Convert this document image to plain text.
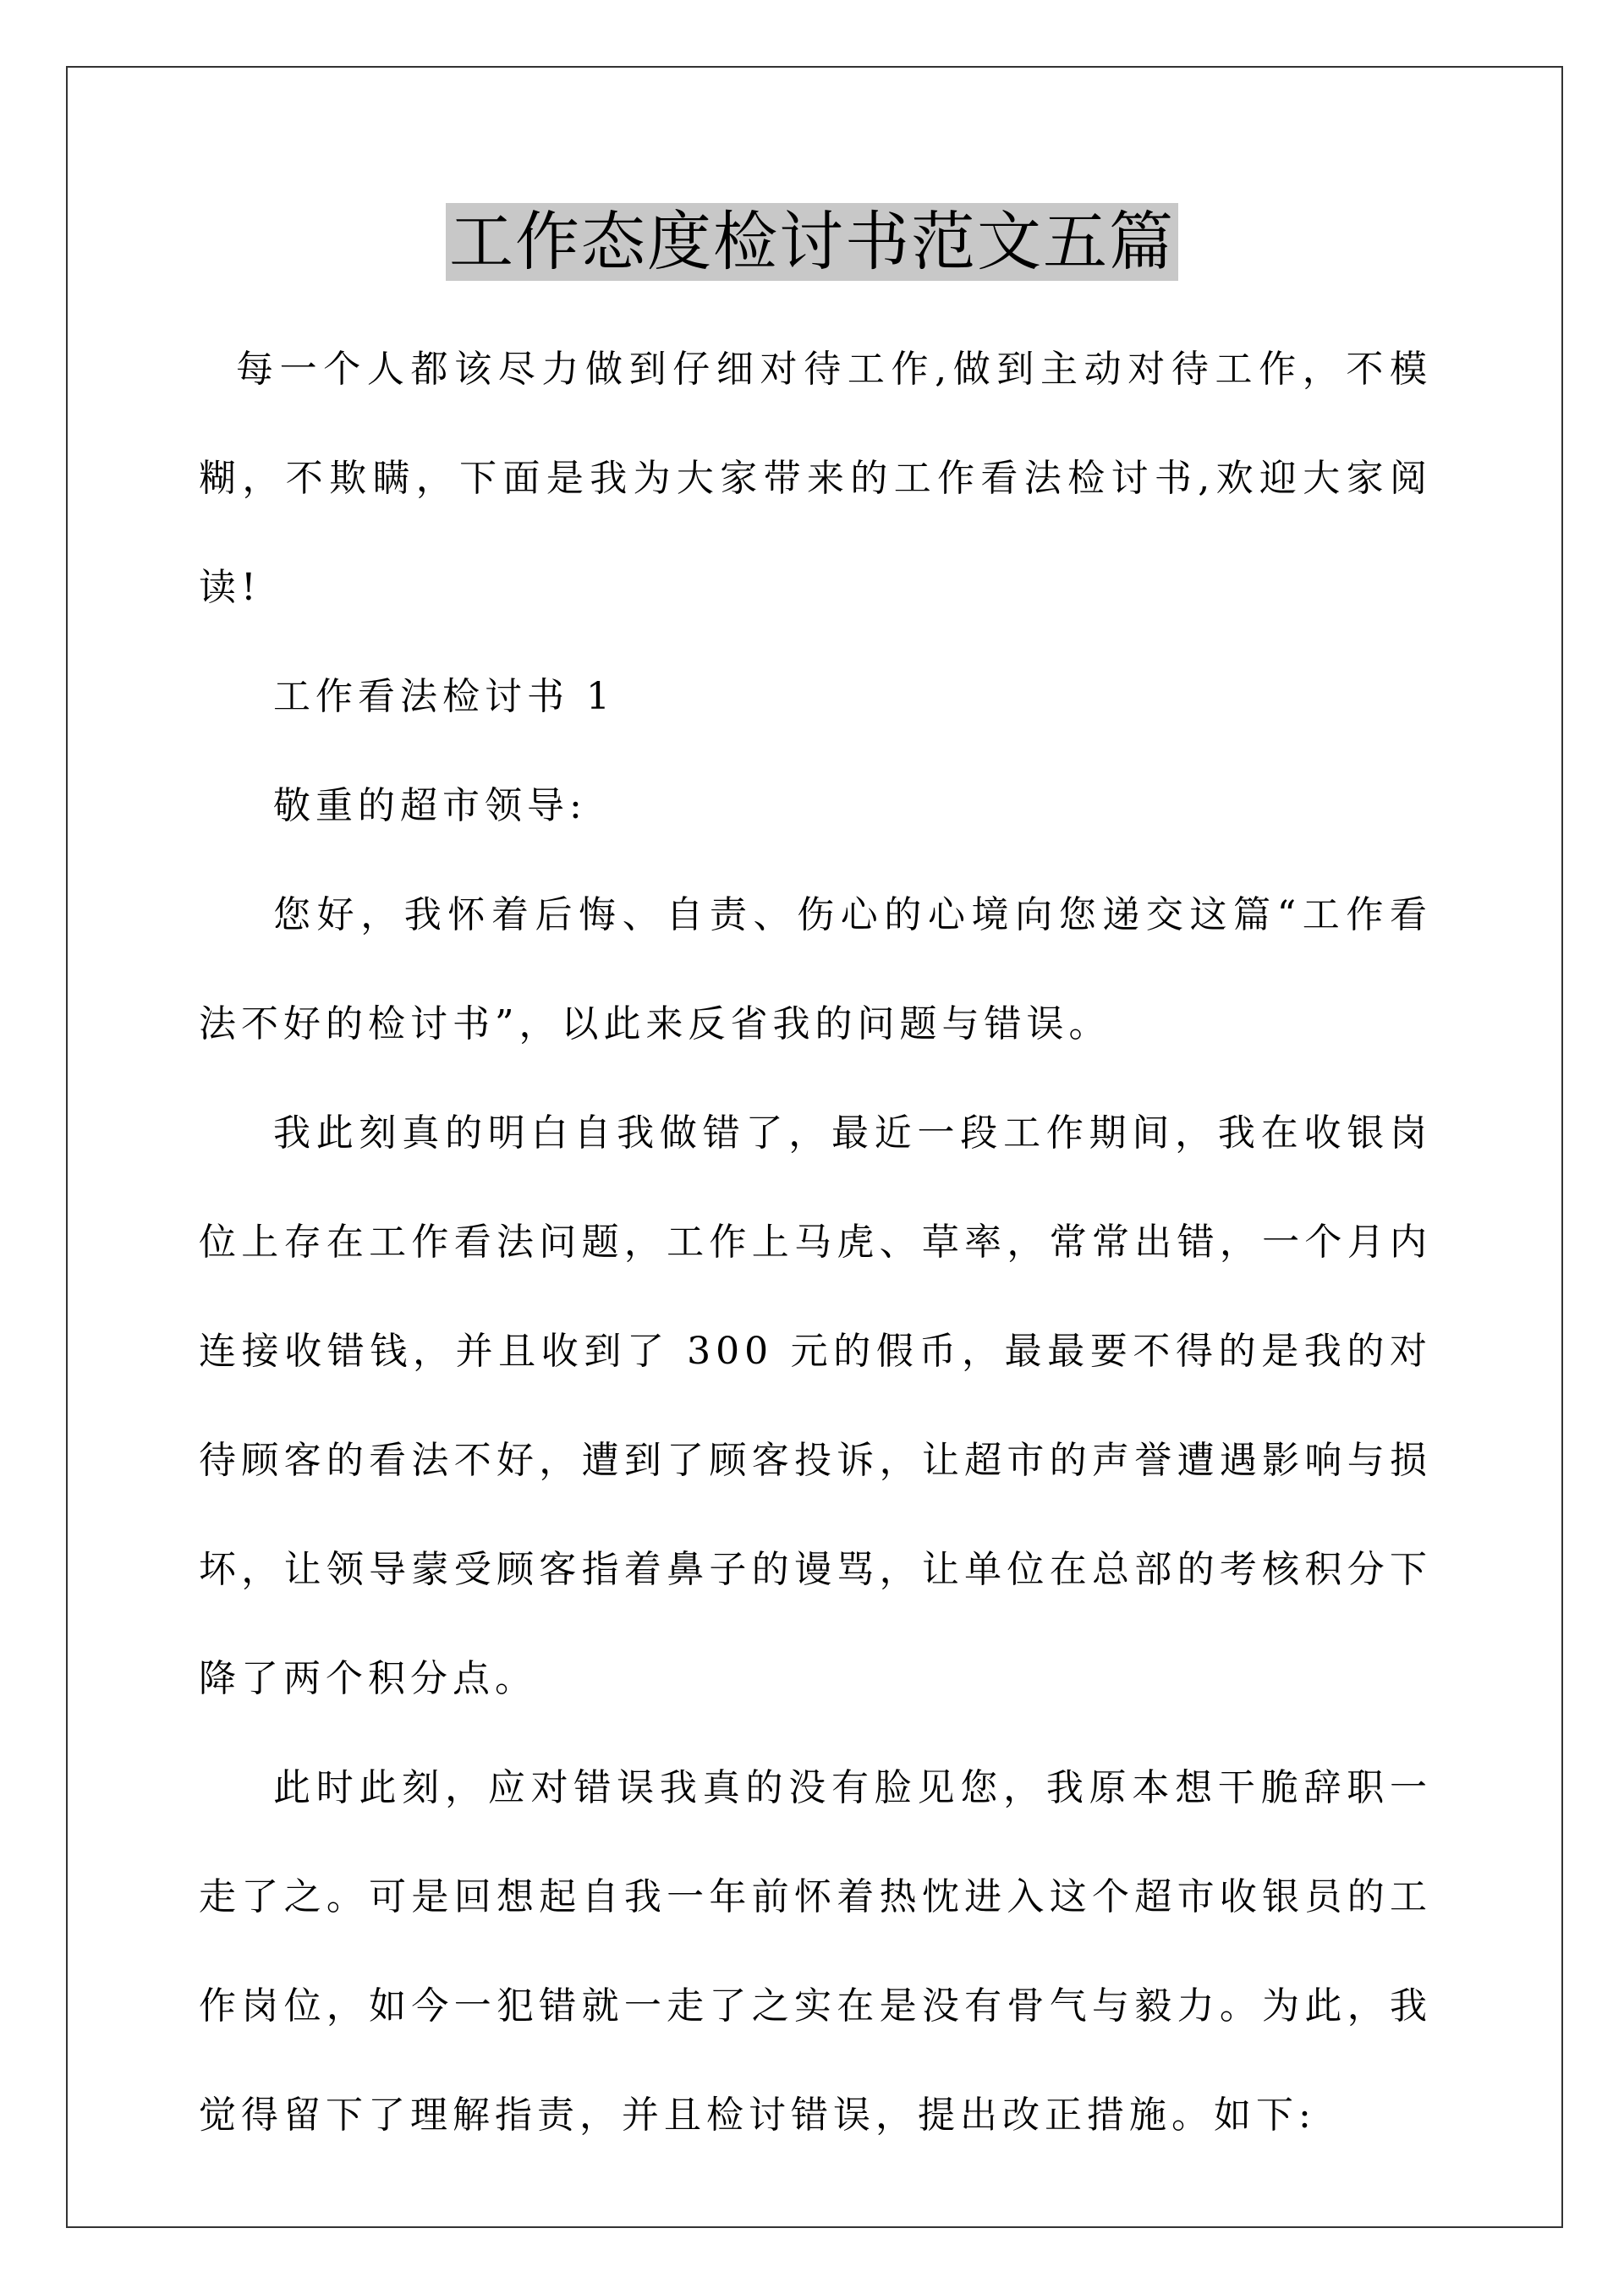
工作态度检讨书范文五篇

每一个人都该尽力做到仔细对待工作,做到主动对待工作，不模糊，不欺瞒，下面是我为大家带来的工作看法检讨书,欢迎大家阅读!

工作看法检讨书 1

敬重的超市领导:

您好，我怀着后悔、自责、伤心的心境向您递交这篇“工作看法不好的检讨书”，以此来反省我的问题与错误。

我此刻真的明白自我做错了，最近一段工作期间，我在收银岗位上存在工作看法问题，工作上马虎、草率，常常出错，一个月内连接收错钱，并且收到了 300 元的假币，最最要不得的是我的对待顾客的看法不好，遭到了顾客投诉，让超市的声誉遭遇影响与损坏，让领导蒙受顾客指着鼻子的谩骂，让单位在总部的考核积分下降了两个积分点。

此时此刻，应对错误我真的没有脸见您，我原本想干脆辞职一走了之。可是回想起自我一年前怀着热忱进入这个超市收银员的工作岗位，如今一犯错就一走了之实在是没有骨气与毅力。为此，我觉得留下了理解指责，并且检讨错误，提出改正措施。如下:
